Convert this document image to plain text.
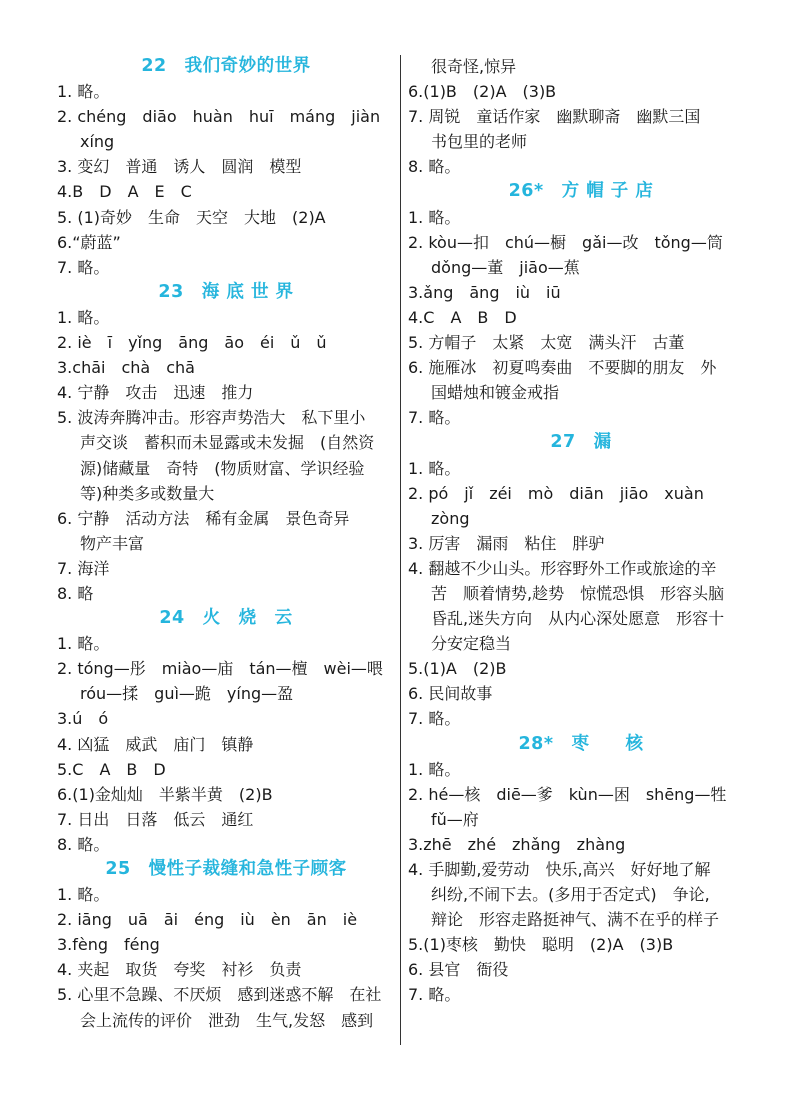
22　我们奇妙的世界
1. 略。
2. chéng　diāo　huàn　huī　máng　jiàn
xíng
3. 变幻　普通　诱人　圆润　模型
4.B　D　A　E　C
5. (1)奇妙　生命　天空　大地　(2)A
6.“蔚蓝”
7. 略。
23　海 底 世 界
1. 略。
2. iè　ī　yǐng　āng　āo　éi　ǔ　ǔ
3.chāi　chà　chā
4. 宁静　攻击　迅速　推力
5. 波涛奔腾冲击。形容声势浩大　私下里小
声交谈　蓄积而未显露或未发掘　(自然资
源)储藏量　奇特　(物质财富、学识经验
等)种类多或数量大
6. 宁静　活动方法　稀有金属　景色奇异
物产丰富
7. 海洋
8. 略
24　火　烧　云
1. 略。
2. tóng—彤　miào—庙　tán—檀　wèi—喂
róu—揉　guì—跪　yíng—盈
3.ú　ó
4. 凶猛　威武　庙门　镇静
5.C　A　B　D
6.(1)金灿灿　半紫半黄　(2)B
7. 日出　日落　低云　通红
8. 略。
25　慢性子裁缝和急性子顾客
1. 略。
2. iāng　uā　āi　éng　iù　èn　ān　iè
3.fèng　féng
4. 夹起　取货　夸奖　衬衫　负责
5. 心里不急躁、不厌烦　感到迷惑不解　在社
会上流传的评价　泄劲　生气,发怒　感到
很奇怪,惊异
6.(1)B　(2)A　(3)B
7. 周锐　童话作家　幽默聊斋　幽默三国
书包里的老师
8. 略。
26*　方 帽 子 店
1. 略。
2. kòu—扣　chú—橱　gǎi—改　tǒng—筒
dǒng—董　jiāo—蕉
3.ǎng　āng　iù　iū
4.C　A　B　D
5. 方帽子　太紧　太宽　满头汗　古董
6. 施雁冰　初夏鸣奏曲　不要脚的朋友　外
国蜡烛和镀金戒指
7. 略。
27　漏
1. 略。
2. pó　jǐ　zéi　mò　diān　jiāo　xuàn
zòng
3. 厉害　漏雨　粘住　胖驴
4. 翻越不少山头。形容野外工作或旅途的辛
苦　顺着情势,趁势　惊慌恐惧　形容头脑
昏乱,迷失方向　从内心深处愿意　形容十
分安定稳当
5.(1)A　(2)B
6. 民间故事
7. 略。
28*　枣　　核
1. 略。
2. hé—核　diē—爹　kùn—困　shēng—牲
fǔ—府
3.zhē　zhé　zhǎng　zhàng
4. 手脚勤,爱劳动　快乐,高兴　好好地了解
纠纷,不闹下去。(多用于否定式)　争论,
辩论　形容走路挺神气、满不在乎的样子
5.(1)枣核　勤快　聪明　(2)A　(3)B
6. 县官　衙役
7. 略。
